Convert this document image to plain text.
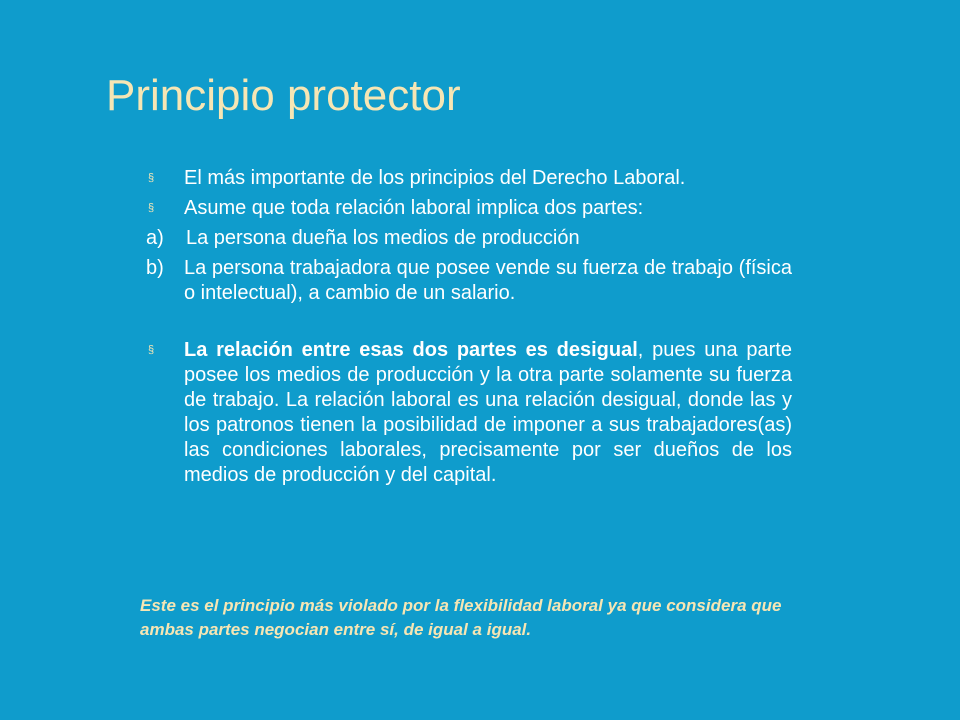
Principio protector
§ El más importante de los principios del Derecho Laboral.
§ Asume que toda relación laboral implica dos partes:
a) La persona dueña los medios de producción
b) La persona trabajadora que posee vende su fuerza de trabajo (física o intelectual), a cambio de un salario.
§ La relación entre esas dos partes es desigual, pues una parte posee los medios de producción y la otra parte solamente su fuerza de trabajo. La relación laboral es una relación desigual, donde las y los patronos tienen la posibilidad de imponer a sus trabajadores(as) las condiciones laborales, precisamente por ser dueños de los medios de producción y del capital.
Este es el principio más violado por la flexibilidad laboral ya que considera que ambas partes negocian entre sí, de igual a igual.
